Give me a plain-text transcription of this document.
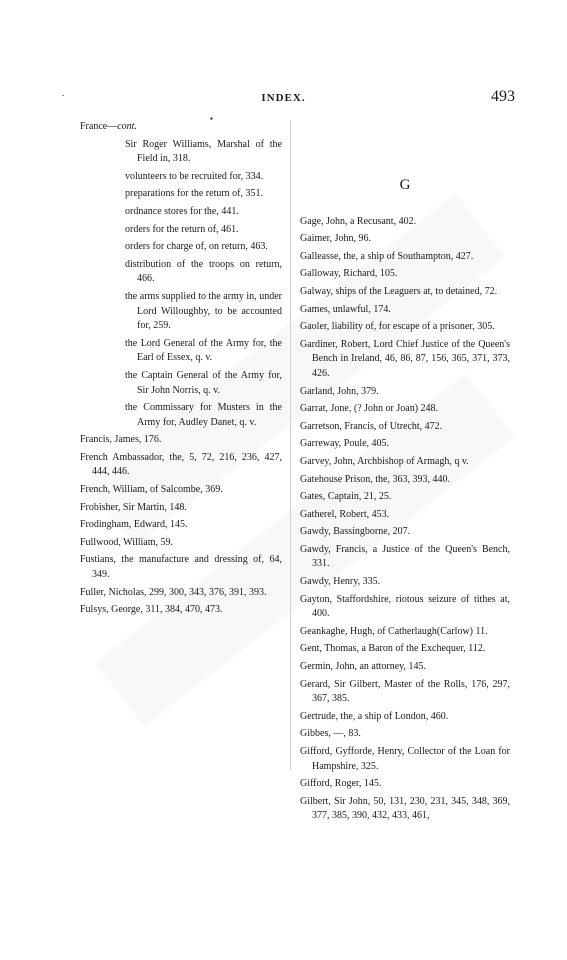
.
▪
INDEX.	493
France—cont.

Sir Roger Williams, Marshal of the Field in, 318.

volunteers to be recruited for, 334.

preparations for the return of, 351.

ordnance stores for the, 441.

orders for the return of, 461.

orders for charge of, on return, 463.

distribution of the troops on return, 466.

the arms supplied to the army in, under Lord Willoughby, to be accounted for, 259.

the Lord General of the Army for, the Earl of Essex, q. v.

the Captain General of the Army for, Sir John Norris, q. v.

the Commissary for Musters in the Army for, Audley Danet, q. v.

Francis, James, 176.

French Ambassador, the, 5, 72, 216, 236, 427, 444, 446.

French, William, of Salcombe, 369.

Frobisher, Sir Martin, 148.

Frodingham, Edward, 145.

Fullwood, William, 59.

Fustians, the manufacture and dressing of, 64, 349.

Fuller, Nicholas, 299, 300, 343, 376, 391, 393.

Fulsys, George, 311, 384, 470, 473.

G

Gage, John, a Recusant, 402.

Gaimer, John, 96.

Galleasse, the, a ship of Southampton, 427.

Galloway, Richard, 105.

Galway, ships of the Leaguers at, to detained, 72.

Games, unlawful, 174.

Gaoler, liability of, for escape of a prisoner, 305.

Gardiner, Robert, Lord Chief Justice of the Queen's Bench in Ireland, 46, 86, 87, 156, 365, 371, 373, 426.

Garland, John, 379.

Garrat, Jone, (? John or Joan) 248.

Garretson, Francis, of Utrecht, 472.

Garreway, Poule, 405.

Garvey, John, Archbishop of Armagh, q v.

Gatehouse Prison, the, 363, 393, 440.

Gates, Captain, 21, 25.

Gatherel, Robert, 453.

Gawdy, Bassingborne, 207.

Gawdy, Francis, a Justice of the Queen's Bench, 331.

Gawdy, Henry, 335.

Gayton, Staffordshire, riotous seizure of tithes at, 400.

Geankaghe, Hugh, of Catherlaugh(Carlow) 11.

Gent, Thomas, a Baron of the Exchequer, 112.

Germin, John, an attorney, 145.

Gerard, Sir Gilbert, Master of the Rolls, 176, 297, 367, 385.

Gertrude, the, a ship of London, 460.

Gibbes, —, 83.

Gifford, Gyfforde, Henry, Collector of the Loan for Hampshire, 325.

Gifford, Roger, 145.

Gilbert, Sir John, 50, 131, 230, 231, 345, 348, 369, 377, 385, 390, 432, 433, 461,
